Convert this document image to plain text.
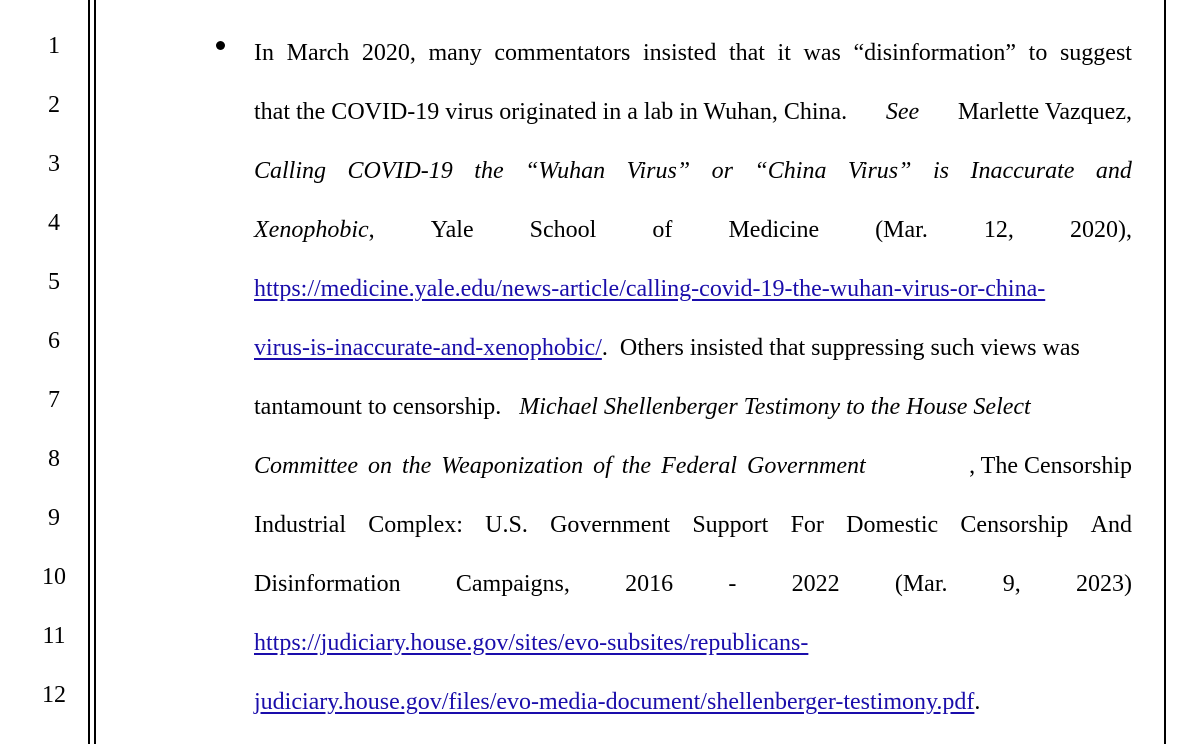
1
2
3
4
5
6
7
8
9
10
11
12
In March 2020, many commentators insisted that it was “disinformation” to suggest
that the COVID-19 virus originated in a lab in Wuhan, China. See Marlette Vazquez,
Calling COVID-19 the “Wuhan Virus” or “China Virus” is Inaccurate and
Xenophobic, Yale School of Medicine (Mar. 12, 2020),
https://medicine.yale.edu/news-article/calling-covid-19-the-wuhan-virus-or-china-
virus-is-inaccurate-and-xenophobic/.  Others insisted that suppressing such views was
tantamount to censorship. Michael Shellenberger Testimony to the House Select
Committee on the Weaponization of the Federal Government	, The Censorship
Industrial Complex: U.S. Government Support For Domestic Censorship And
Disinformation Campaigns, 2016 - 2022 (Mar. 9, 2023)
https://judiciary.house.gov/sites/evo-subsites/republicans-
judiciary.house.gov/files/evo-media-document/shellenberger-testimony.pdf.
